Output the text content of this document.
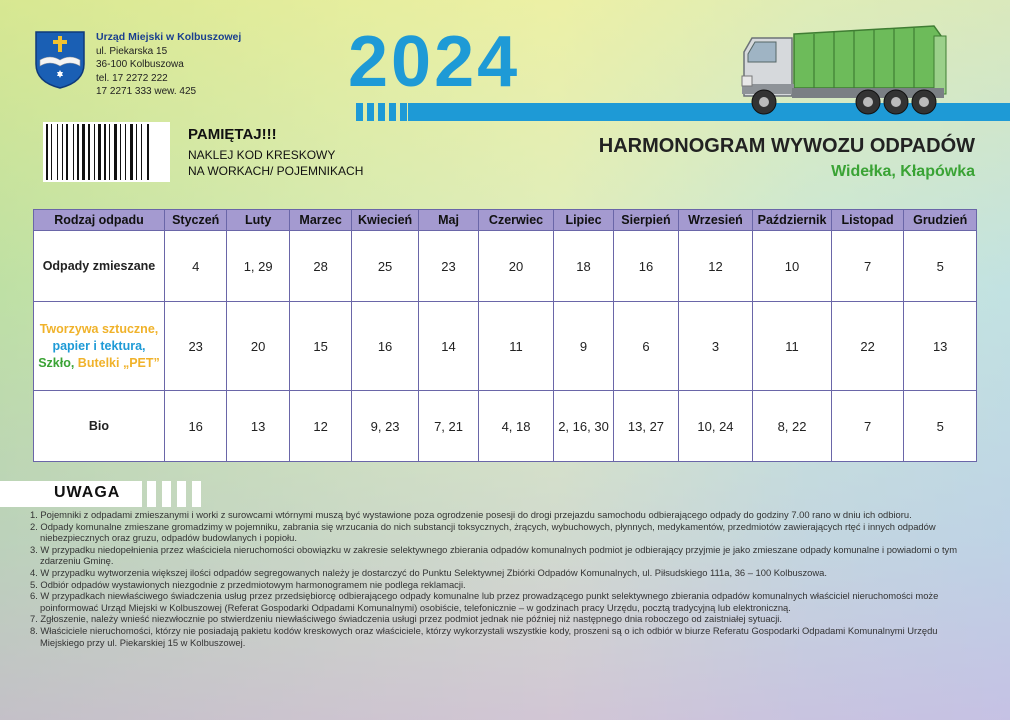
Urząd Miejski w Kolbuszowej
ul. Piekarska 15
36-100 Kolbuszowa
tel. 17 2272 222
17 2271 333 wew. 425	2024
PAMIĘTAJ!!!
NAKLEJ KOD KRESKOWY
NA WORKACH/ POJEMNIKACH
HARMONOGRAM WYWOZU ODPADÓW
Widełka, Kłapówka
Rodzaj odpadu	Styczeń	Luty	Marzec	Kwiecień	Maj	Czerwiec	Lipiec	Sierpień	Wrzesień	Październik	Listopad	Grudzień
Odpady zmieszane	4	1, 29	28	25	23	20	18	16	12	10	7	5
Tworzywa sztuczne,
papier i tektura,
Szkło, Butelki „PET”	23	20	15	16	14	11	9	6	3	11	22	13
Bio	16	13	12	9, 23	7, 21	4, 18	2, 16, 30	13, 27	10, 24	8, 22	7	5
UWAGA
1. Pojemniki z odpadami zmieszanymi i worki z surowcami wtórnymi muszą być wystawione poza ogrodzenie posesji do drogi przejazdu samochodu odbierającego odpady do godziny 7.00 rano w dniu ich odbioru.
2. Odpady komunalne zmieszane gromadzimy w pojemniku, zabrania się wrzucania do nich substancji toksycznych, żrących, wybuchowych, płynnych, medykamentów, przedmiotów zawierających rtęć i innych odpadów niebezpiecznych oraz gruzu, odpadów budowlanych i popiołu.
3. W przypadku niedopełnienia przez właściciela nieruchomości obowiązku w zakresie selektywnego zbierania odpadów komunalnych podmiot je odbierający przyjmie je jako zmieszane odpady komunalne i powiadomi o tym zdarzeniu Gminę.
4. W przypadku wytworzenia większej ilości odpadów segregowanych należy je dostarczyć do Punktu Selektywnej Zbiórki Odpadów Komunalnych, ul. Piłsudskiego 111a, 36 – 100 Kolbuszowa.
5. Odbiór odpadów wystawionych niezgodnie z przedmiotowym harmonogramem nie podlega reklamacji.
6. W przypadkach niewłaściwego świadczenia usług przez przedsiębiorcę odbierającego odpady komunalne lub przez prowadzącego punkt selektywnego zbierania odpadów komunalnych właściciel nieruchomości może poinformować Urząd Miejski w Kolbuszowej (Referat Gospodarki Odpadami Komunalnymi) osobiście, telefonicznie – w godzinach pracy Urzędu, pocztą tradycyjną lub elektroniczną.
7. Zgłoszenie, należy wnieść niezwłocznie po stwierdzeniu niewłaściwego świadczenia usługi przez podmiot jednak nie później niż następnego dnia roboczego od zaistniałej sytuacji.
8. Właściciele nieruchomości, którzy nie posiadają pakietu kodów kreskowych oraz właściciele, którzy wykorzystali wszystkie kody, proszeni są o ich odbiór w biurze Referatu Gospodarki Odpadami Komunalnymi Urzędu Miejskiego przy ul. Piekarskiej 15 w Kolbuszowej.
